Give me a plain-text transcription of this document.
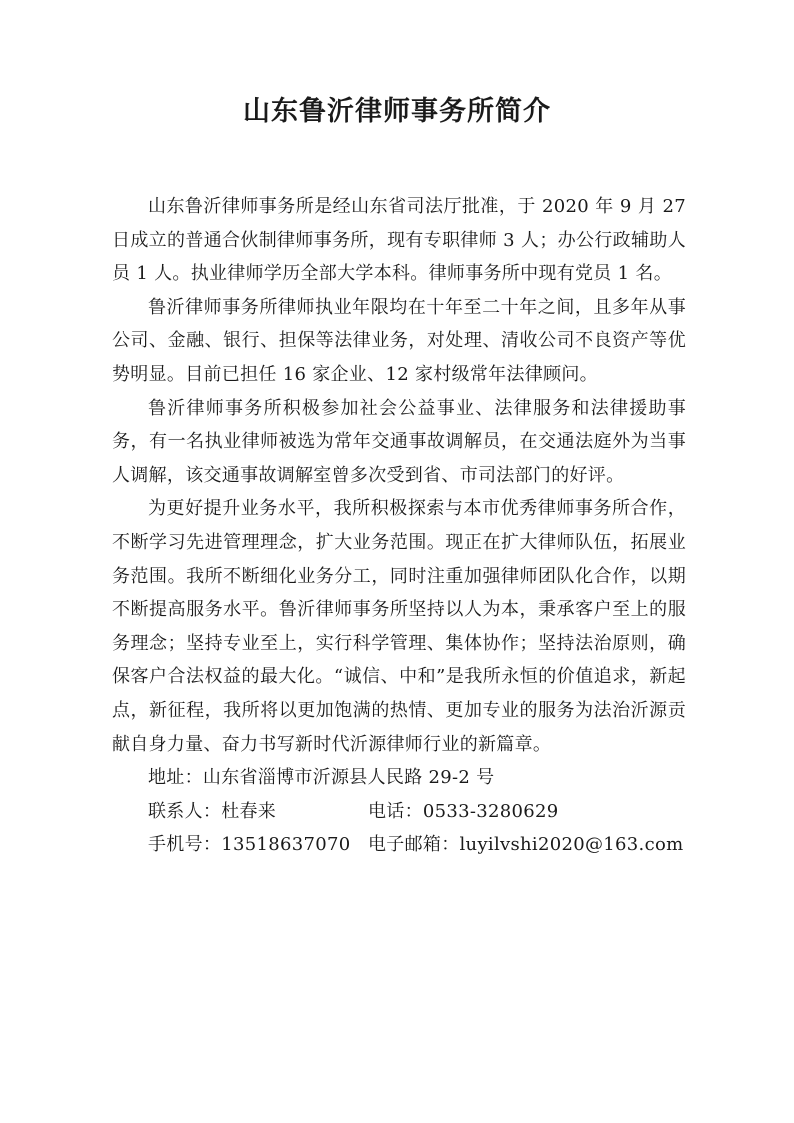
山东鲁沂律师事务所简介

山东鲁沂律师事务所是经山东省司法厅批准，于 2020 年 9 月 27 日成立的普通合伙制律师事务所，现有专职律师 3 人；办公行政辅助人员 1 人。执业律师学历全部大学本科。律师事务所中现有党员 1 名。

鲁沂律师事务所律师执业年限均在十年至二十年之间，且多年从事公司、金融、银行、担保等法律业务，对处理、清收公司不良资产等优势明显。目前已担任 16 家企业、12 家村级常年法律顾问。

鲁沂律师事务所积极参加社会公益事业、法律服务和法律援助事务，有一名执业律师被选为常年交通事故调解员，在交通法庭外为当事人调解，该交通事故调解室曾多次受到省、市司法部门的好评。

为更好提升业务水平，我所积极探索与本市优秀律师事务所合作，不断学习先进管理理念，扩大业务范围。现正在扩大律师队伍，拓展业务范围。我所不断细化业务分工，同时注重加强律师团队化合作，以期不断提高服务水平。鲁沂律师事务所坚持以人为本，秉承客户至上的服务理念；坚持专业至上，实行科学管理、集体协作；坚持法治原则，确保客户合法权益的最大化。“诚信、中和”是我所永恒的价值追求，新起点，新征程，我所将以更加饱满的热情、更加专业的服务为法治沂源贡献自身力量、奋力书写新时代沂源律师行业的新篇章。

地址：山东省淄博市沂源县人民路 29-2 号
联系人：杜春来	电话：0533-3280629
手机号：13518637070 电子邮箱：luyilvshi2020@163.com
